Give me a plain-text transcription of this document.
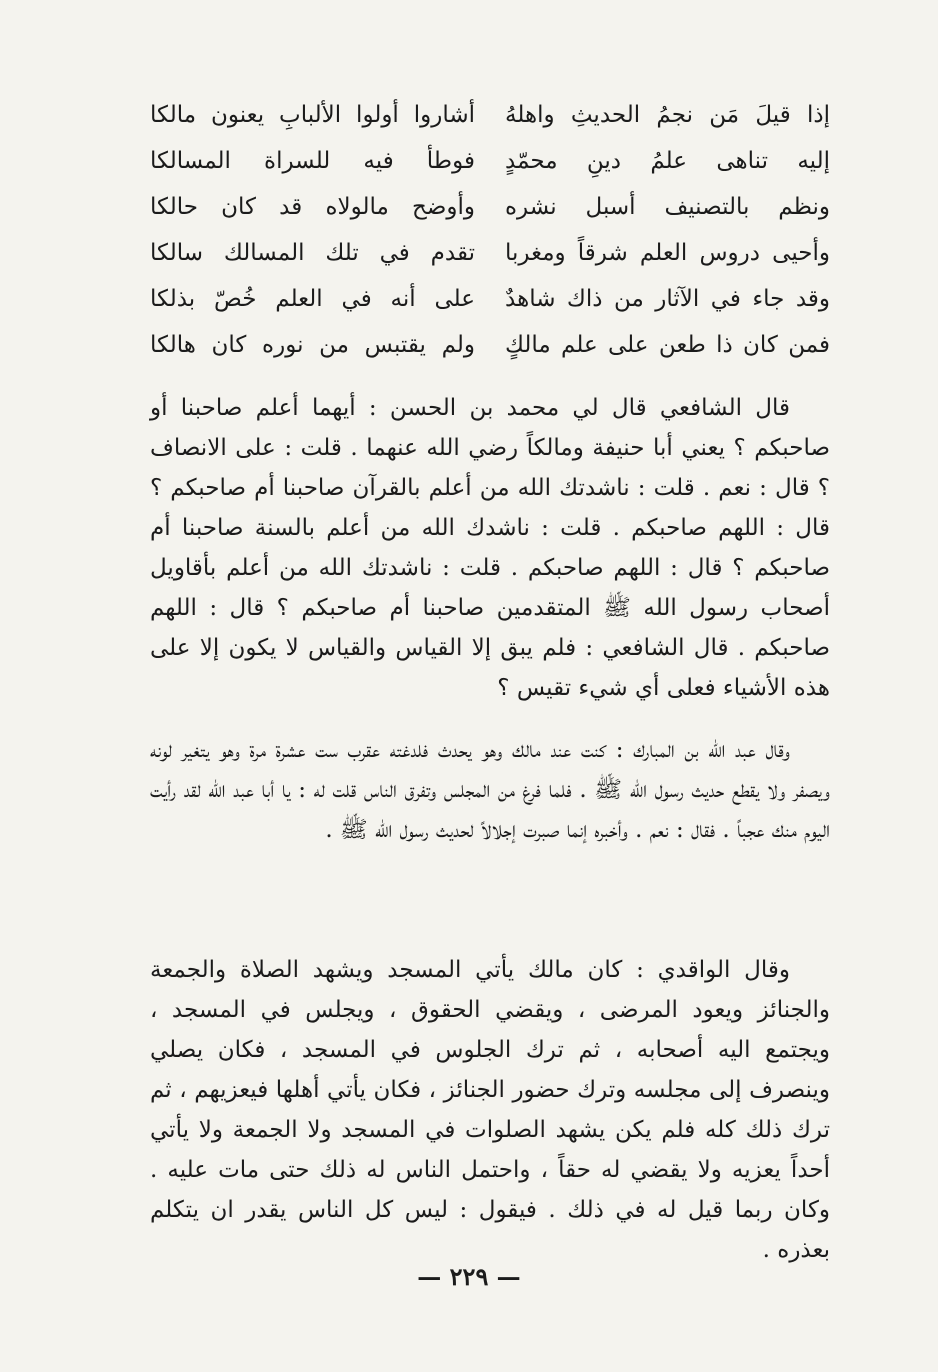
إذا قيلَ مَن نجمُ الحديثِ واهلهُ
أشاروا أولوا الألبابِ يعنون مالكا
إليه تناهى علمُ دينِ محمّدٍ
فوطأ فيه للسراة المسالكا
ونظم بالتصنيف أسبل نشره
وأوضح مالولاه قد كان حالكا
وأحيى دروس العلم شرقاً ومغربا
تقدم في تلك المسالك سالكا
وقد جاء في الآثار من ذاك شاهدٌ
على أنه في العلم خُصّ بذلكا
فمن كان ذا طعن على علم مالكٍ
ولم يقتبس من نوره كان هالكا

قال الشافعي قال لي محمد بن الحسن : أيهما أعلم صاحبنا أو صاحبكم ؟ يعني أبا حنيفة ومالكاً رضي الله عنهما . قلت : على الانصاف ؟ قال : نعم . قلت : ناشدتك الله من أعلم بالقرآن صاحبنا أم صاحبكم ؟ قال : اللهم صاحبكم . قلت : ناشدك الله من أعلم بالسنة صاحبنا أم صاحبكم ؟ قال : اللهم صاحبكم . قلت : ناشدتك الله من أعلم بأقاويل أصحاب رسول الله ﷺ المتقدمين صاحبنا أم صاحبكم ؟ قال : اللهم صاحبكم . قال الشافعي : فلم يبق إلا القياس والقياس لا يكون إلا على هذه الأشياء فعلى أي شيء تقيس ؟

وقال عبد الله بن المبارك : كنت عند مالك وهو يحدث فلدغته عقرب ست عشرة مرة وهو يتغير لونه ويصفر ولا يقطع حديث رسول الله ﷺ . فلما فرغ من المجلس وتفرق الناس قلت له : يا أبا عبد الله لقد رأيت اليوم منك عجباً . فقال : نعم . وأخبره إنما صبرت إجلالاً لحديث رسول الله ﷺ .

وقال الواقدي : كان مالك يأتي المسجد ويشهد الصلاة والجمعة والجنائز ويعود المرضى ، ويقضي الحقوق ، ويجلس في المسجد ، ويجتمع اليه أصحابه ، ثم ترك الجلوس في المسجد ، فكان يصلي وينصرف إلى مجلسه وترك حضور الجنائز ، فكان يأتي أهلها فيعزيهم ، ثم ترك ذلك كله فلم يكن يشهد الصلوات في المسجد ولا الجمعة ولا يأتي أحداً يعزيه ولا يقضي له حقاً ، واحتمل الناس له ذلك حتى مات عليه . وكان ربما قيل له في ذلك . فيقول : ليس كل الناس يقدر ان يتكلم بعذره .

— ٢٢٩ —
